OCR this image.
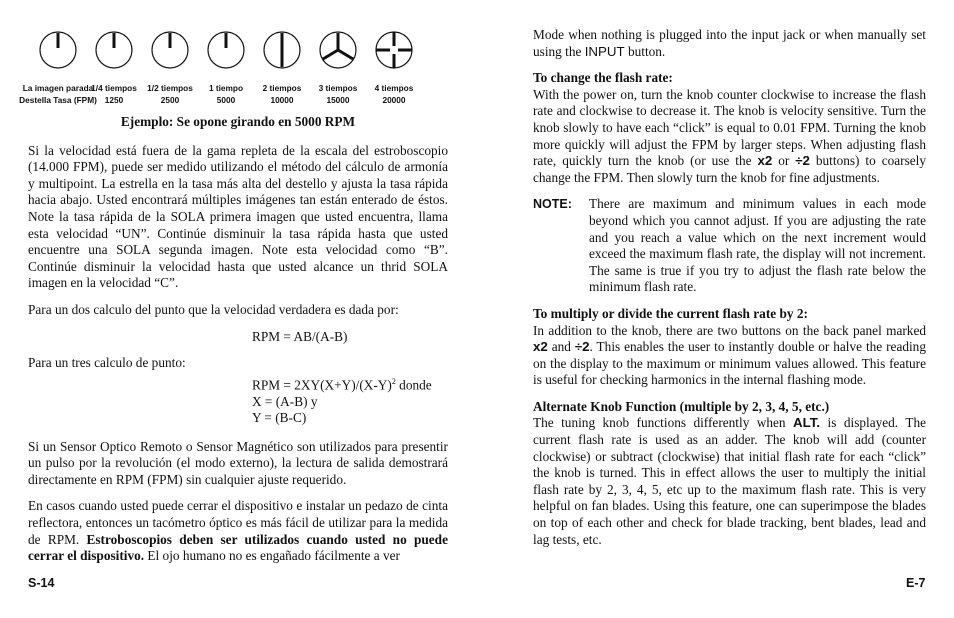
La imagen parada
Destella Tasa (FPM)
1/4 tiempos
1250
1/2 tiempos
2500
1 tiempo
5000
2 tiempos
10000
3 tiempos
15000
4 tiempos
20000
Ejemplo: Se opone girando en 5000 RPM

Si la velocidad está fuera de la gama repleta de la escala del estroboscopio (14.000 FPM), puede ser medido utilizando el método del cálculo de armonía y multipoint. La estrella en la tasa más alta del destello y ajusta la tasa rápida hacia abajo. Usted encontrará múltiples imágenes tan están enterado de éstos. Note la tasa rápida de la SOLA primera imagen que usted encuentra, llama esta velocidad “UN”. Continúe disminuir la tasa rápida hasta que usted encuentre una SOLA segunda imagen. Note esta velocidad como “B”. Continúe disminuir la velocidad hasta que usted alcance un thrid SOLA imagen en la velocidad “C”.

Para un dos calculo del punto que la velocidad verdadera es dada por:

RPM = AB/(A-B)

Para un tres calculo de punto:

RPM = $2XY(X+Y)/(X-Y)^2$ donde
X = (A-B) y
Y = (B-C)

Si un Sensor Optico Remoto o Sensor Magnético son utilizados para presentir un pulso por la revolución (el modo externo), la lectura de salida demostrará directamente en RPM (FPM) sin cualquier ajuste requerido.

En casos cuando usted puede cerrar el dispositivo e instalar un pedazo de cinta reflectora, entonces un tacómetro óptico es más fácil de utilizar para la medida de RPM. Estroboscopios deben ser utilizados cuando usted no puede cerrar el dispositivo. El ojo humano no es engañado fácilmente a ver

S-14

Mode when nothing is plugged into the input jack or when manually set using the INPUT button.

To change the flash rate:

With the power on, turn the knob counter clockwise to increase the flash rate and clockwise to decrease it. The knob is velocity sensitive. Turn the knob slowly to have each “click” is equal to 0.01 FPM. Turning the knob more quickly will adjust the FPM by larger steps. When adjusting flash rate, quickly turn the knob (or use the x2 or ÷2 buttons) to coarsely change the FPM. Then slowly turn the knob for fine adjustments.

NOTE:	There are maximum and minimum values in each mode beyond which you cannot adjust. If you are adjusting the rate and you reach a value which on the next increment would exceed the maximum flash rate, the display will not increment. The same is true if you try to adjust the flash rate below the minimum flash rate.
To multiply or divide the current flash rate by 2:

In addition to the knob, there are two buttons on the back panel marked x2 and ÷2. This enables the user to instantly double or halve the reading on the display to the maximum or minimum values allowed. This feature is useful for checking harmonics in the internal flashing mode.

Alternate Knob Function (multiple by 2, 3, 4, 5, etc.)

The tuning knob functions differently when ALT. is displayed. The current flash rate is used as an adder. The knob will add (counter clockwise) or subtract (clockwise) that initial flash rate for each “click” the knob is turned. This in effect allows the user to multiply the initial flash rate by 2, 3, 4, 5, etc up to the maximum flash rate. This is very helpful on fan blades. Using this feature, one can superimpose the blades on top of each other and check for blade tracking, bent blades, lead and lag tests, etc.

E-7
